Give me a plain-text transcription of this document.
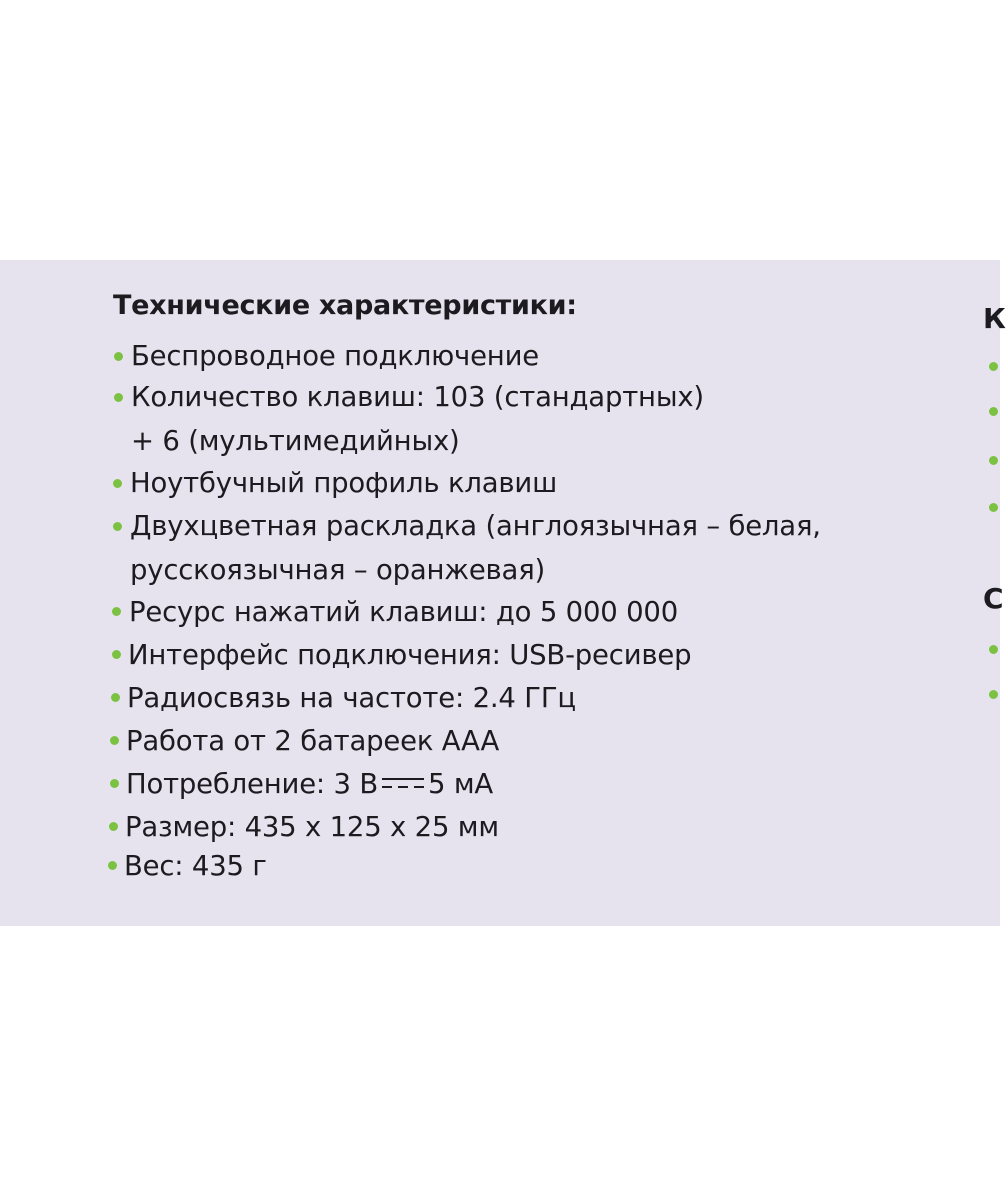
Технические характеристики:
Беспроводное подключение
Количество клавиш: 103 (стандартных)
+ 6 (мультимедийных)
Ноутбучный профиль клавиш
Двухцветная раскладка (англоязычная – белая,
русскоязычная – оранжевая)
Ресурс нажатий клавиш: до 5 000 000
Интерфейс подключения: USB-ресивер
Радиосвязь на частоте: 2.4 ГГц
Работа от 2 батареек AAA
Потребление: 3 В 5 мА
Размер: 435 x 125 x 25 мм
Вес: 435 г
К
С
